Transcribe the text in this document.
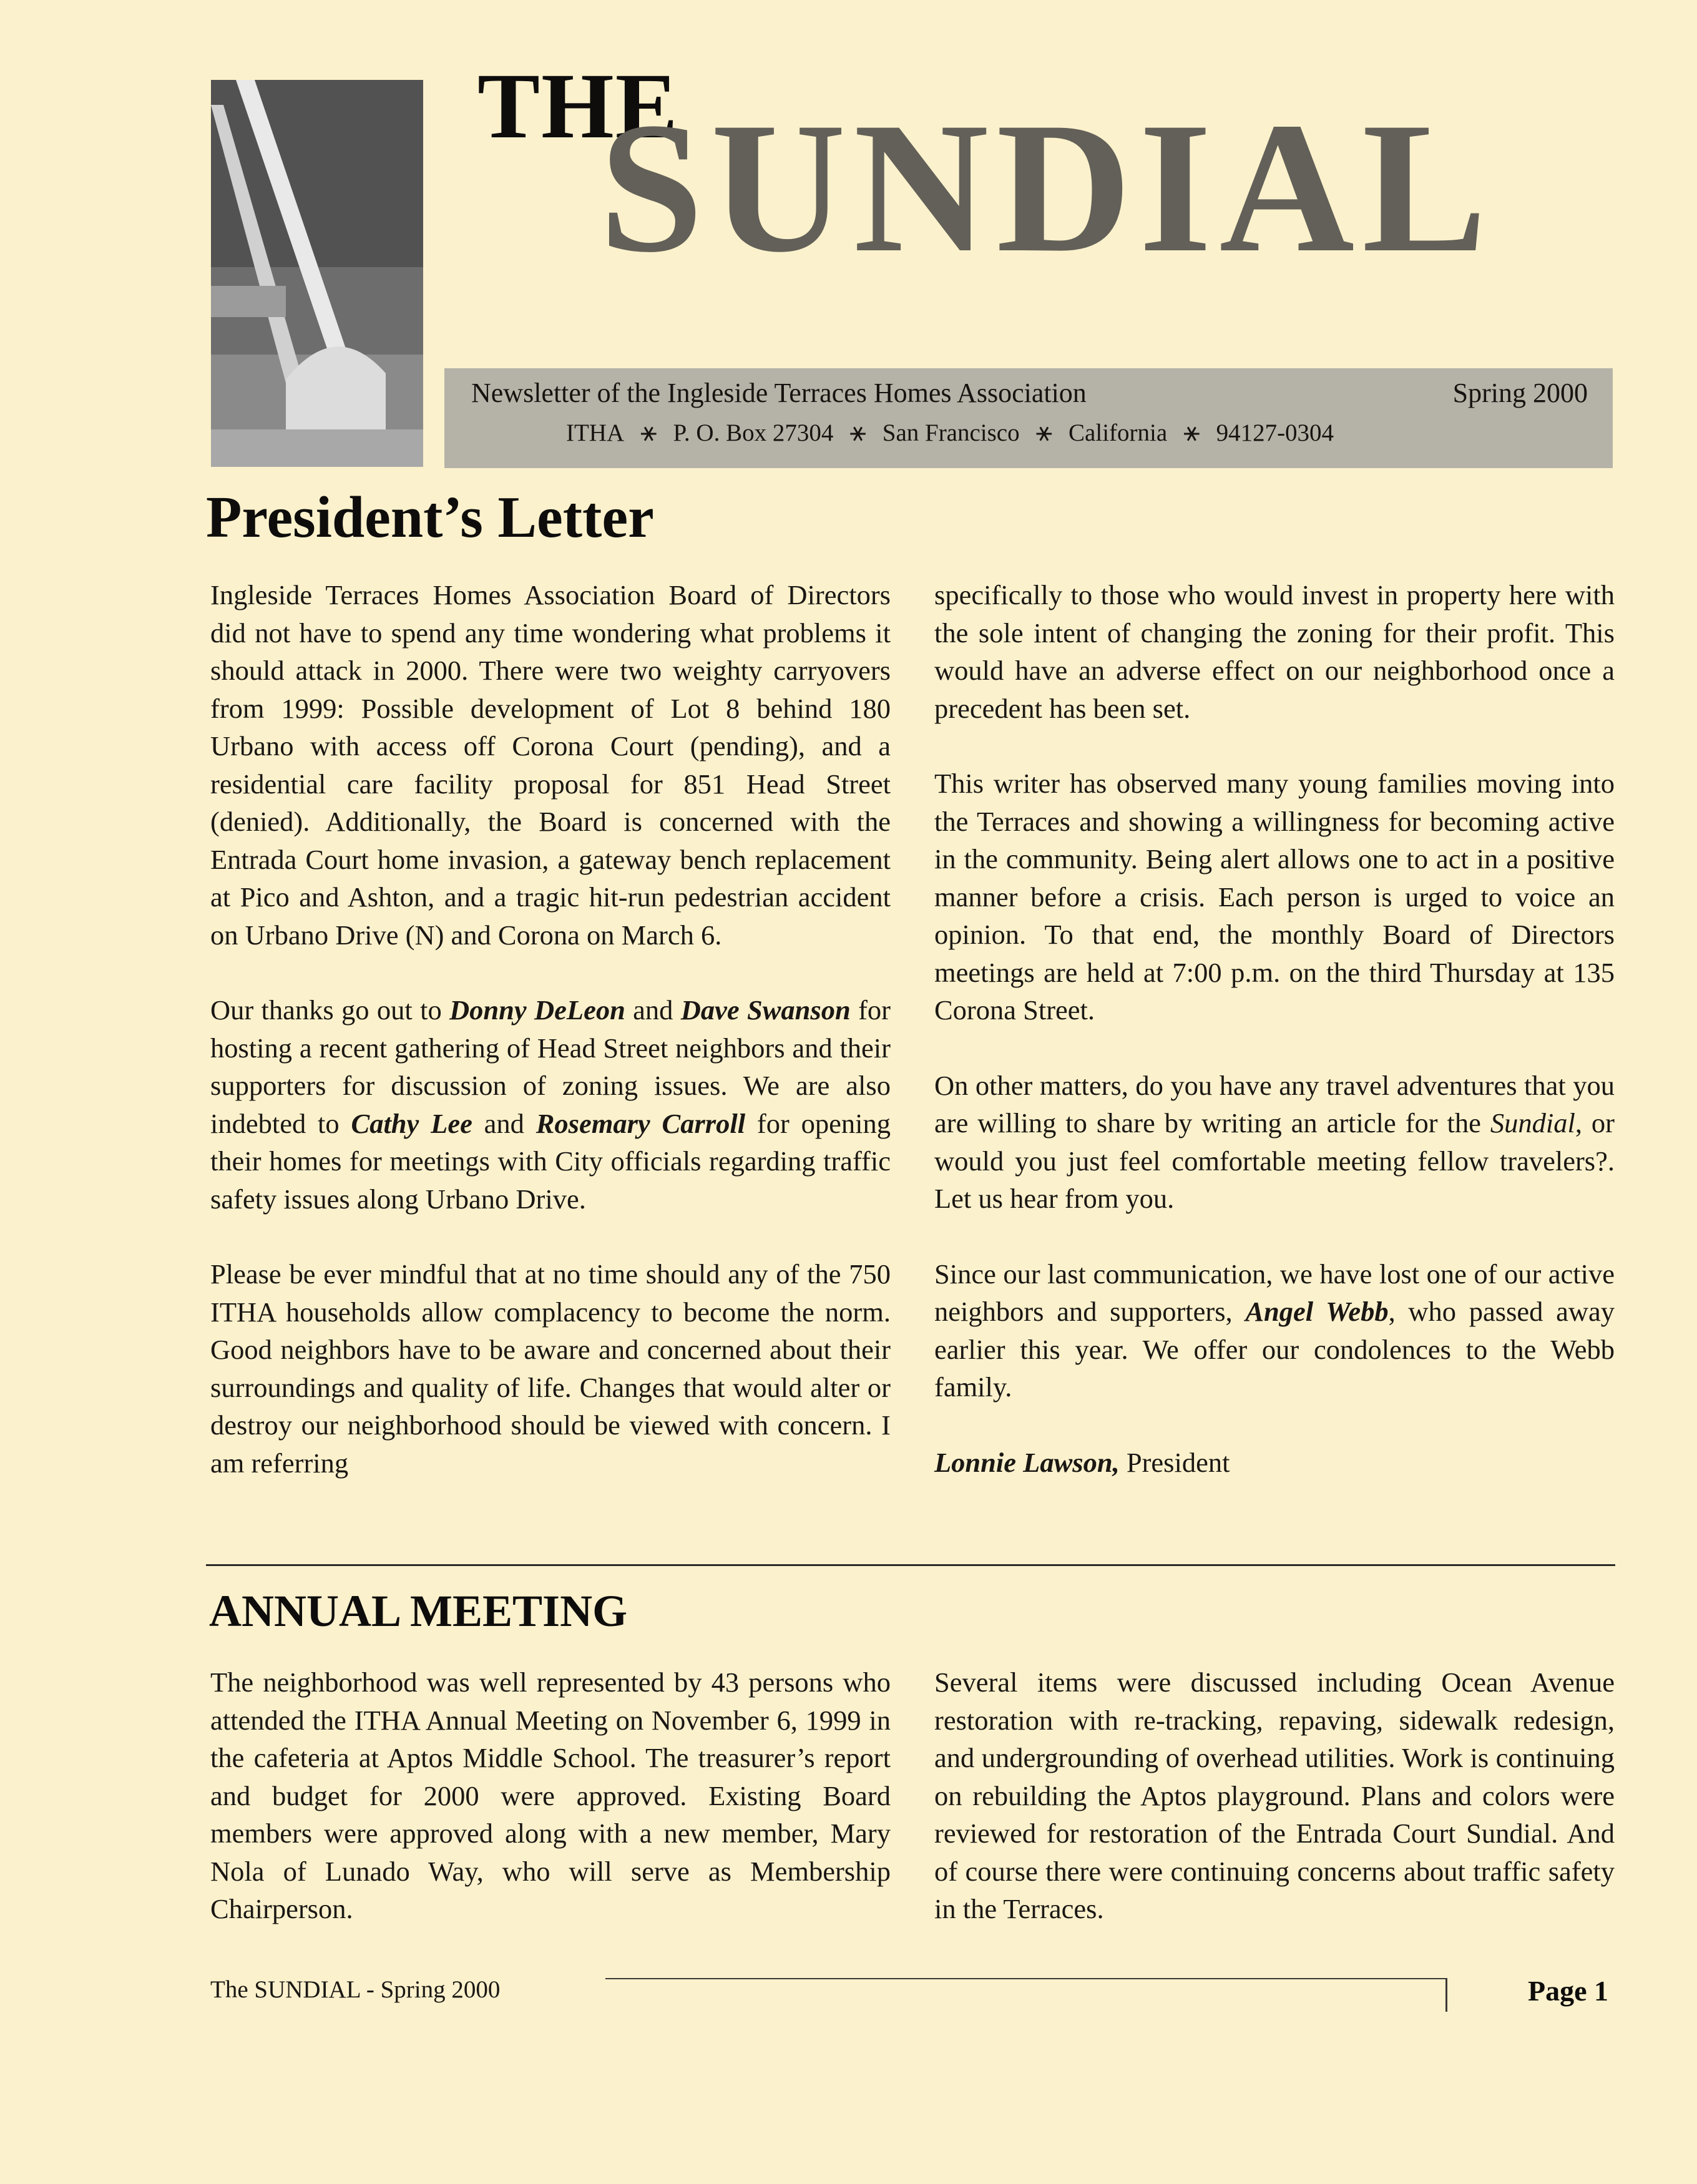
THE
SUNDIAL
Newsletter of the Ingleside Terraces Homes Association	Spring 2000
ITHA ⚹ P. O. Box 27304 ⚹ San Francisco ⚹ California ⚹ 94127-0304
President’s Letter

Ingleside Terraces Homes Association Board of Directors did not have to spend any time wondering what problems it should attack in 2000. There were two weighty carryovers from 1999: Possible development of Lot 8 behind 180 Urbano with access off Corona Court (pending), and a residential care facility proposal for 851 Head Street (denied). Additionally, the Board is concerned with the Entrada Court home invasion, a gateway bench replacement at Pico and Ashton, and a tragic hit-run pedestrian accident on Urbano Drive (N) and Corona on March 6.

Our thanks go out to Donny DeLeon and Dave Swanson for hosting a recent gathering of Head Street neighbors and their supporters for discussion of zoning issues. We are also indebted to Cathy Lee and Rosemary Carroll for opening their homes for meetings with City officials regarding traffic safety issues along Urbano Drive.

Please be ever mindful that at no time should any of the 750 ITHA households allow complacency to become the norm. Good neighbors have to be aware and concerned about their surroundings and quality of life. Changes that would alter or destroy our neighborhood should be viewed with concern. I am referring

specifically to those who would invest in property here with the sole intent of changing the zoning for their profit. This would have an adverse effect on our neighborhood once a precedent has been set.

This writer has observed many young families moving into the Terraces and showing a willingness for becoming active in the community. Being alert allows one to act in a positive manner before a crisis. Each person is urged to voice an opinion. To that end, the monthly Board of Directors meetings are held at 7:00 p.m. on the third Thursday at 135 Corona Street.

On other matters, do you have any travel adventures that you are willing to share by writing an article for the Sundial, or would you just feel comfortable meeting fellow travelers?. Let us hear from you.

Since our last communication, we have lost one of our active neighbors and supporters, Angel Webb, who passed away earlier this year. We offer our condolences to the Webb family.

Lonnie Lawson, President

ANNUAL MEETING

The neighborhood was well represented by 43 persons who attended the ITHA Annual Meeting on November 6, 1999 in the cafeteria at Aptos Middle School. The treasurer’s report and budget for 2000 were approved. Existing Board members were approved along with a new member, Mary Nola of Lunado Way, who will serve as Membership Chairperson.

Several items were discussed including Ocean Avenue restoration with re-tracking, repaving, sidewalk redesign, and undergrounding of overhead utilities. Work is continuing on rebuilding the Aptos playground. Plans and colors were reviewed for restoration of the Entrada Court Sundial. And of course there were continuing concerns about traffic safety in the Terraces.

The SUNDIAL - Spring 2000	Page 1
